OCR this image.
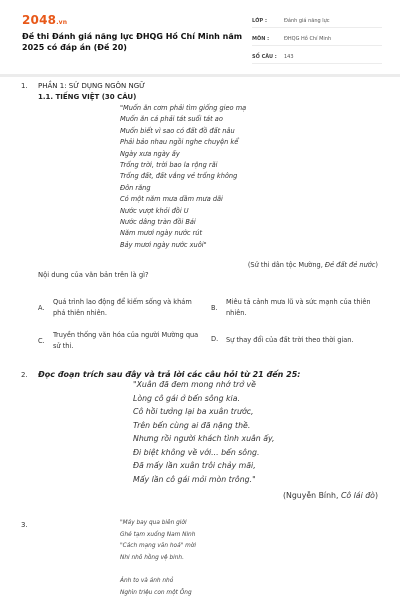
2048.vn
Đề thi Đánh giá năng lực ĐHQG Hồ Chí Minh năm 2025 có đáp án (Đề 20)
LỚP :	Đánh giá năng lực
MÔN :	ĐHQG Hồ Chí Minh
SỐ CÂU :	143
1. PHẦN 1: SỬ DỤNG NGÔN NGỮ
1.1. TIẾNG VIỆT (30 CÂU)
"Muốn ăn cơm phải tìm giống gieo mạ
Muốn ăn cá phải tát suối tát ao
Muốn biết vì sao có đất đồ đất nâu
Phải bảo nhau ngồi nghe chuyện kể
Ngày xưa ngày ấy
Trống trời, trời bao la rộng rãi
Trống đất, đất vắng vẻ trống không
Đôn răng
Có một năm mưa dầm mưa dãi
Nước vượt khỏi đồi U
Nước dâng tràn đồi Bái
Năm mươi ngày nước rút
Bảy mươi ngày nước xuôi"
(Sử thi dân tộc Mường, Đẻ đất đẻ nước)
Nội dung của văn bản trên là gì?
A.
Quá trình lao động để kiếm sống và khám phá thiên nhiên.
B.
Miêu tả cảnh mưa lũ và sức mạnh của thiên nhiên.
C.
Truyền thống văn hóa của người Mường qua sử thi.
D. Sự thay đổi của đất trời theo thời gian.
2. Đọc đoạn trích sau đây và trả lời các câu hỏi từ 21 đến 25:
"Xuân đã đem mong nhớ trở về
Lòng cô gái ở bến sông kia.
Cô hồi tưởng lại ba xuân trước,
Trên bến cùng ai đã nặng thề.
Nhưng rồi người khách tình xuân ấy,
Đi biệt không về với... bến sông.
Đã mấy lần xuân trôi chảy mãi,
Mấy lần cô gái mỏi mòn trông."
(Nguyễn Bính, Cô lái đò)
3.	"Máy bay qua biên giới
Ghé tạm xuống Nam Ninh
"Cách mạng văn hoá" mời
Nhi nhô hồng vệ binh.
Ánh to và ảnh nhỏ
Nghìn triệu con một Ông
